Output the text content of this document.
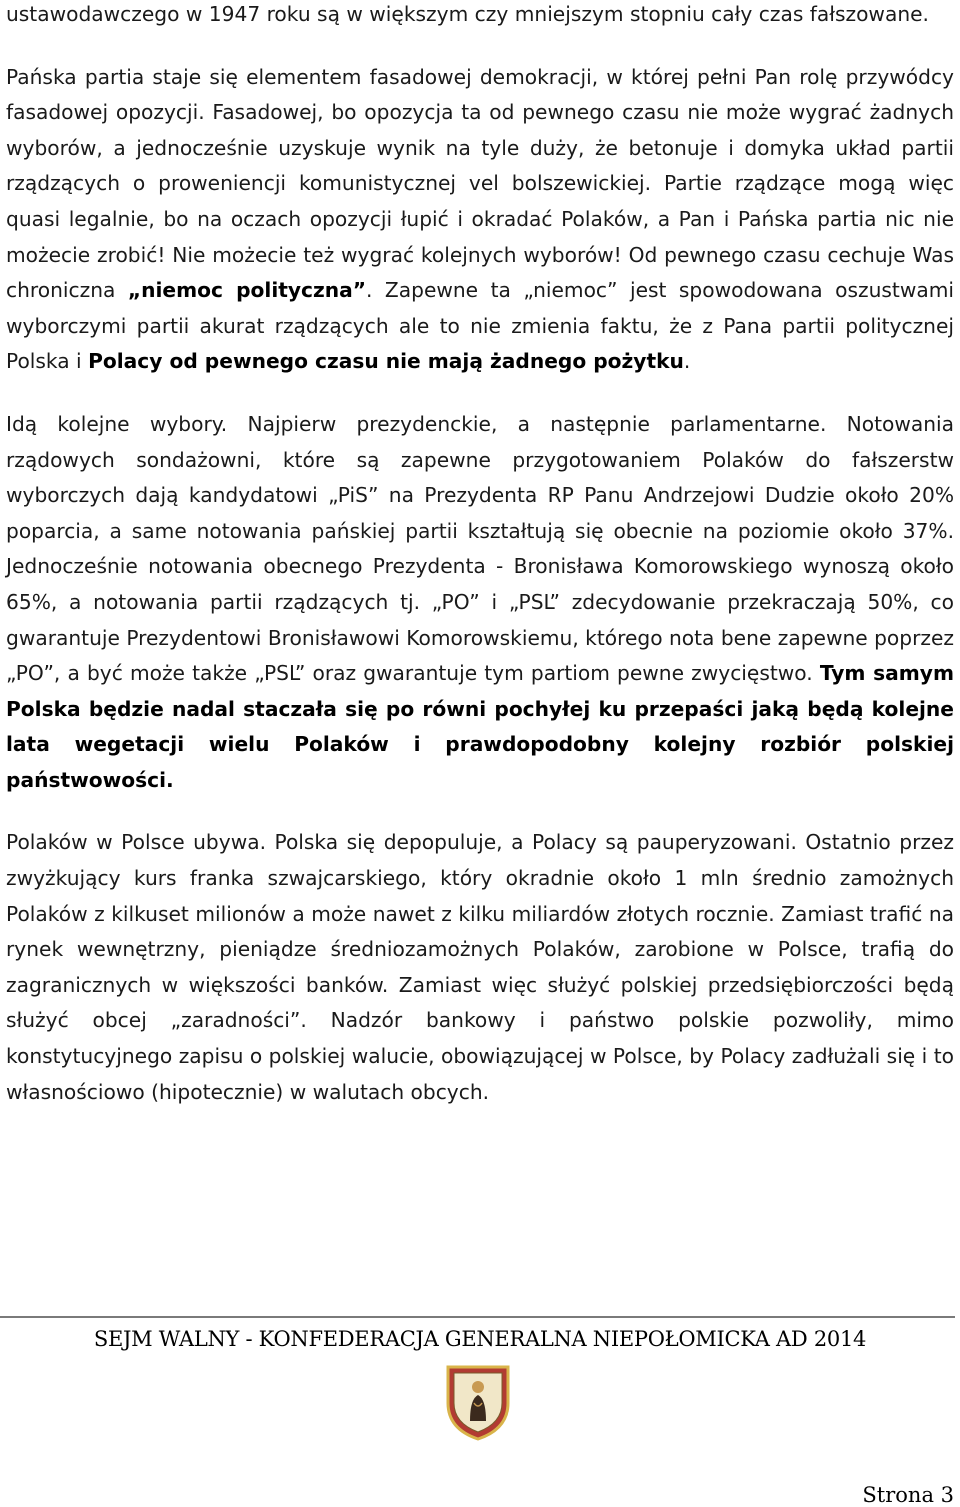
ustawodawczego w 1947 roku są w większym czy mniejszym stopniu cały czas fałszowane.

Pańska partia staje się elementem fasadowej demokracji, w której pełni Pan rolę przywódcy fasadowej opozycji. Fasadowej, bo opozycja ta od pewnego czasu nie może wygrać żadnych wyborów, a jednocześnie uzyskuje wynik na tyle duży, że betonuje i domyka układ partii rządzących o proweniencji komunistycznej vel bolszewickiej. Partie rządzące mogą więc quasi legalnie, bo na oczach opozycji łupić i okradać Polaków, a Pan i Pańska partia nic nie możecie zrobić! Nie możecie też wygrać kolejnych wyborów! Od pewnego czasu cechuje Was chroniczna „niemoc polityczna”. Zapewne ta „niemoc” jest spowodowana oszustwami wyborczymi partii akurat rządzących ale to nie zmienia faktu, że z Pana partii politycznej Polska i Polacy od pewnego czasu nie mają żadnego pożytku.

Idą kolejne wybory. Najpierw prezydenckie, a następnie parlamentarne. Notowania rządowych sondażowni, które są zapewne przygotowaniem Polaków do fałszerstw wyborczych dają kandydatowi „PiS” na Prezydenta RP Panu Andrzejowi Dudzie około 20% poparcia, a same notowania pańskiej partii kształtują się obecnie na poziomie około 37%. Jednocześnie notowania obecnego Prezydenta - Bronisława Komorowskiego wynoszą około 65%, a notowania partii rządzących tj. „PO” i „PSL” zdecydowanie przekraczają 50%, co gwarantuje Prezydentowi Bronisławowi Komorowskiemu, którego nota bene zapewne poprzez „PO”, a być może także „PSL” oraz gwarantuje tym partiom pewne zwycięstwo. Tym samym Polska będzie nadal staczała się po równi pochyłej ku przepaści jaką będą kolejne lata wegetacji wielu Polaków i prawdopodobny kolejny rozbiór polskiej państwowości.

Polaków w Polsce ubywa. Polska się depopuluje, a Polacy są pauperyzowani. Ostatnio przez zwyżkujący kurs franka szwajcarskiego, który okradnie około 1 mln średnio zamożnych Polaków z kilkuset milionów a może nawet z kilku miliardów złotych rocznie. Zamiast trafić na rynek wewnętrzny, pieniądze średniozamożnych Polaków, zarobione w Polsce, trafią do zagranicznych w większości banków. Zamiast więc służyć polskiej przedsiębiorczości będą służyć obcej „zaradności”. Nadzór bankowy i państwo polskie pozwoliły, mimo konstytucyjnego zapisu o polskiej walucie, obowiązującej w Polsce, by Polacy zadłużali się i to własnościowo (hipotecznie) w walutach obcych.

SEJM WALNY - KONFEDERACJA GENERALNA NIEPOŁOMICKA AD 2014
Strona 3
